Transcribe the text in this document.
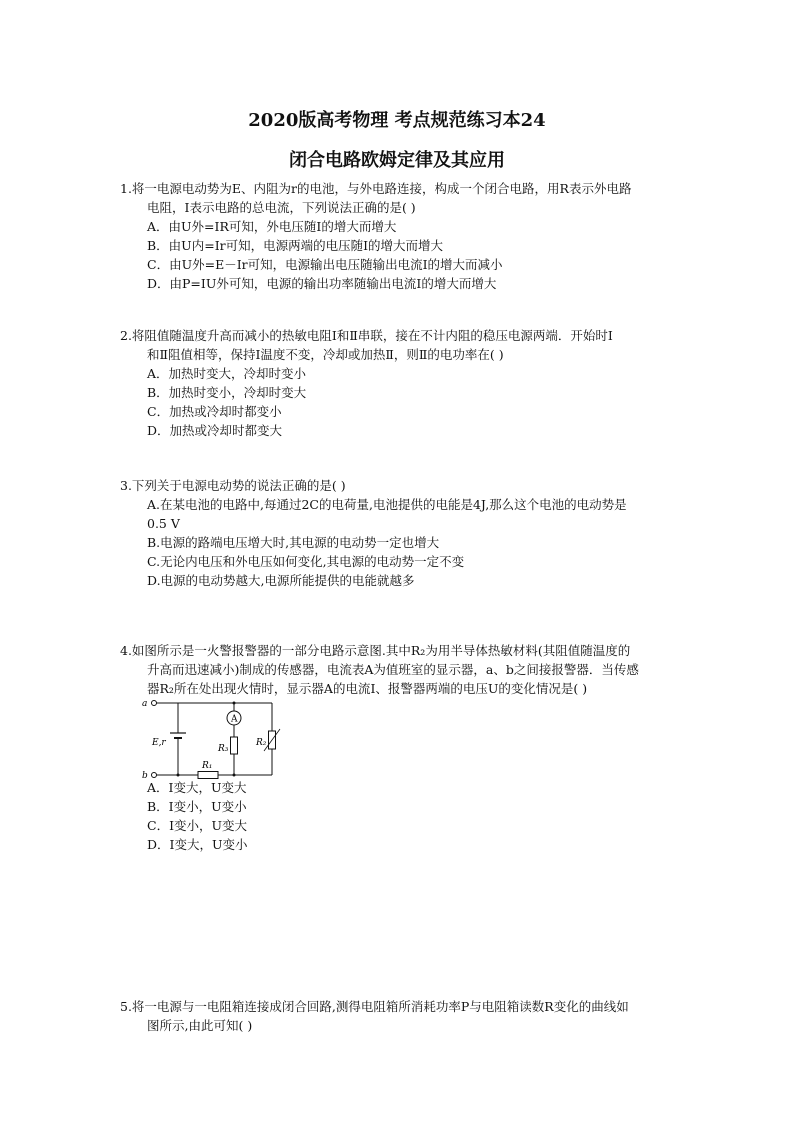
2020版高考物理 考点规范练习本24
闭合电路欧姆定律及其应用

1.将一电源电动势为E、内阻为r的电池，与外电路连接，构成一个闭合电路，用R表示外电路

电阻，I表示电路的总电流，下列说法正确的是( )

A．由U外=IR可知，外电压随I的增大而增大

B．由U内=Ir可知，电源两端的电压随I的增大而增大

C．由U外=E－Ir可知，电源输出电压随输出电流I的增大而减小

D．由P=IU外可知，电源的输出功率随输出电流I的增大而增大

2.将阻值随温度升高而减小的热敏电阻Ⅰ和Ⅱ串联，接在不计内阻的稳压电源两端．开始时Ⅰ

和Ⅱ阻值相等，保持Ⅰ温度不变，冷却或加热Ⅱ，则Ⅱ的电功率在( )

A．加热时变大，冷却时变小

B．加热时变小，冷却时变大

C．加热或冷却时都变小

D．加热或冷却时都变大

3.下列关于电源电动势的说法正确的是( )

A.在某电池的电路中,每通过2C的电荷量,电池提供的电能是4J,那么这个电池的电动势是

0.5 V

B.电源的路端电压增大时,其电源的电动势一定也增大

C.无论内电压和外电压如何变化,其电源的电动势一定不变

D.电源的电动势越大,电源所能提供的电能就越多

4.如图所示是一火警报警器的一部分电路示意图.其中R₂为用半导体热敏材料(其阻值随温度的

升高而迅速减小)制成的传感器，电流表A为值班室的显示器，a、b之间接报警器．当传感

器R₂所在处出现火情时，显示器A的电流I、报警器两端的电压U的变化情况是( )

E,r
A
R₃
R₂
R₁
a
b
A．I变大，U变大
B．I变小，U变小
C．I变小，U变大
D．I变大，U变小

5.将一电源与一电阻箱连接成闭合回路,测得电阻箱所消耗功率P与电阻箱读数R变化的曲线如

图所示,由此可知( )
